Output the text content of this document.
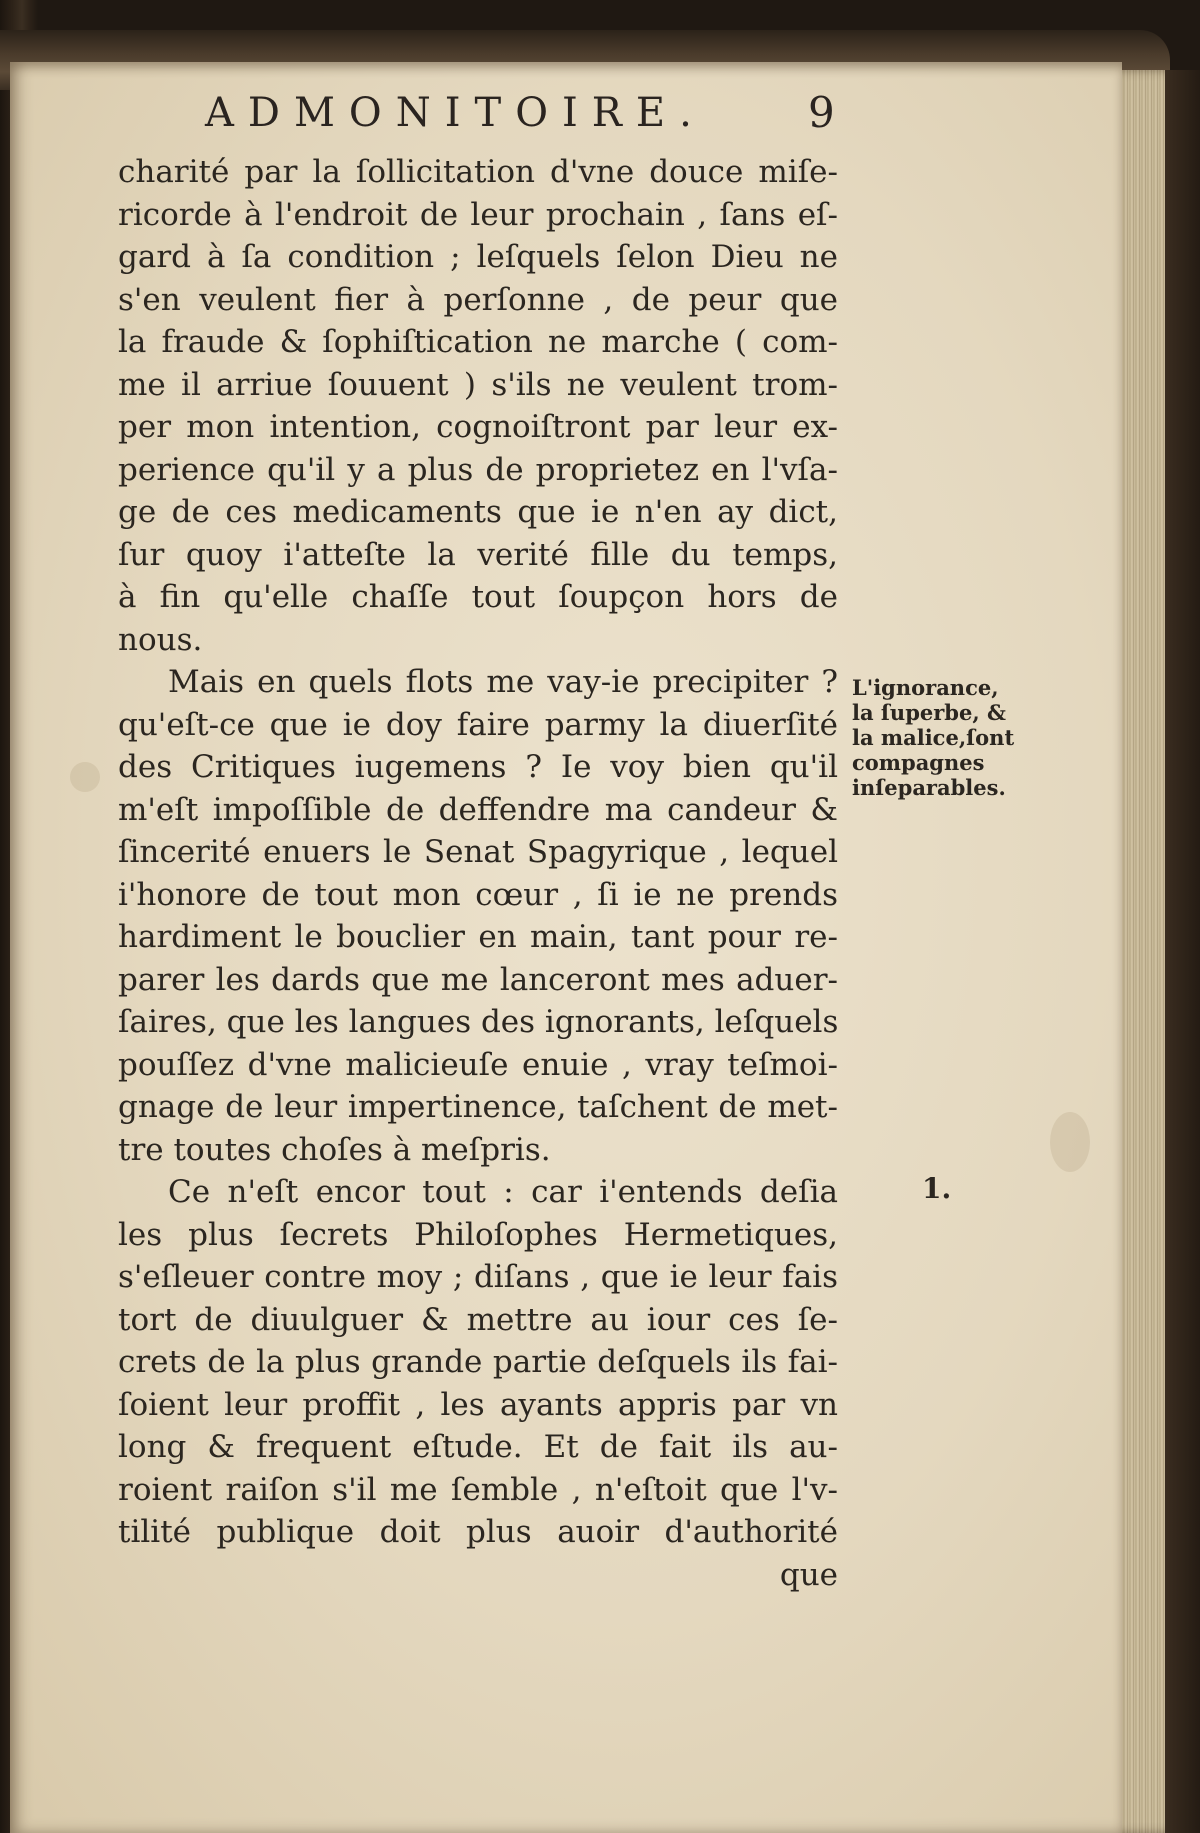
ADMONITOIRE.	9
charité par la ſollicitation d'vne douce miſe-
ricorde à l'endroit de leur prochain , ſans eſ-
gard à ſa condition ; leſquels ſelon Dieu ne
s'en veulent fier à perſonne , de peur que
la fraude & ſophiſtication ne marche ( com-
me il arriue ſouuent ) s'ils ne veulent trom-
per mon intention, cognoiſtront par leur ex-
perience qu'il y a plus de proprietez en l'vſa-
ge de ces medicaments que ie n'en ay dict,
ſur quoy i'atteſte la verité fille du temps,
à fin qu'elle chaſſe tout ſoupçon hors de
nous.
Mais en quels flots me vay-ie precipiter ?
qu'eſt-ce que ie doy faire parmy la diuerſité
des Critiques iugemens ? Ie voy bien qu'il
m'eſt impoſſible de deffendre ma candeur &
ſincerité enuers le Senat Spagyrique , lequel
i'honore de tout mon cœur , ſi ie ne prends
hardiment le bouclier en main, tant pour re-
parer les dards que me lanceront mes aduer-
ſaires, que les langues des ignorants, leſquels
pouſſez d'vne malicieuſe enuie , vray teſmoi-
gnage de leur impertinence, taſchent de met-
tre toutes choſes à meſpris.
Ce n'eſt encor tout : car i'entends deſia
les plus ſecrets Philoſophes Hermetiques,
s'eſleuer contre moy ; diſans , que ie leur fais
tort de diuulguer & mettre au iour ces ſe-
crets de la plus grande partie deſquels ils fai-
ſoient leur proffit , les ayants appris par vn
long & frequent eſtude. Et de fait ils au-
roient raiſon s'il me ſemble , n'eſtoit que l'v-
tilité publique doit plus auoir d'authorité
que
L'ignorance,
la ſuperbe, &
la malice,ſont
compagnes
inſeparables.
1.
